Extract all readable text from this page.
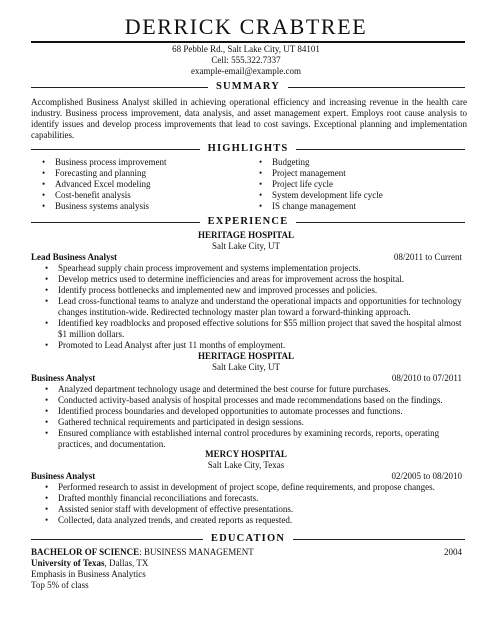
DERRICK CRABTREE
68 Pebble Rd., Salt Lake City, UT 84101
Cell: 555.322.7337
example-email@example.com
SUMMARY
Accomplished Business Analyst skilled in achieving operational efficiency and increasing revenue in the health care industry. Business process improvement, data analysis, and asset management expert. Employs root cause analysis to identify issues and develop process improvements that lead to cost savings. Exceptional planning and implementation capabilities.
HIGHLIGHTS
• Business process improvement
• Forecasting and planning
• Advanced Excel modeling
• Cost-benefit analysis
• Business systems analysis
• Budgeting
• Project management
• Project life cycle
• System development life cycle
• IS change management
EXPERIENCE
HERITAGE HOSPITAL
Salt Lake City, UT
Lead Business Analyst	08/2011 to Current
• Spearhead supply chain process improvement and systems implementation projects.
• Develop metrics used to determine inefficiencies and areas for improvement across the hospital.
• Identify process bottlenecks and implemented new and improved processes and policies.
• Lead cross-functional teams to analyze and understand the operational impacts and opportunities for technology changes institution-wide. Redirected technology master plan toward a forward-thinking approach.
• Identified key roadblocks and proposed effective solutions for $55 million project that saved the hospital almost $1 million dollars.
• Promoted to Lead Analyst after just 11 months of employment.
HERITAGE HOSPITAL
Salt Lake City, UT
Business Analyst	08/2010 to 07/2011
• Analyzed department technology usage and determined the best course for future purchases.
• Conducted activity-based analysis of hospital processes and made recommendations based on the findings.
• Identified process boundaries and developed opportunities to automate processes and functions.
• Gathered technical requirements and participated in design sessions.
• Ensured compliance with established internal control procedures by examining records, reports, operating practices, and documentation.
MERCY HOSPITAL
Salt Lake City, Texas
Business Analyst	02/2005 to 08/2010
• Performed research to assist in development of project scope, define requirements, and propose changes.
• Drafted monthly financial reconciliations and forecasts.
• Assisted senior staff with development of effective presentations.
• Collected, data analyzed trends, and created reports as requested.
EDUCATION
BACHELOR OF SCIENCE: BUSINESS MANAGEMENT	2004
University of Texas, Dallas, TX
Emphasis in Business Analytics
Top 5% of class
